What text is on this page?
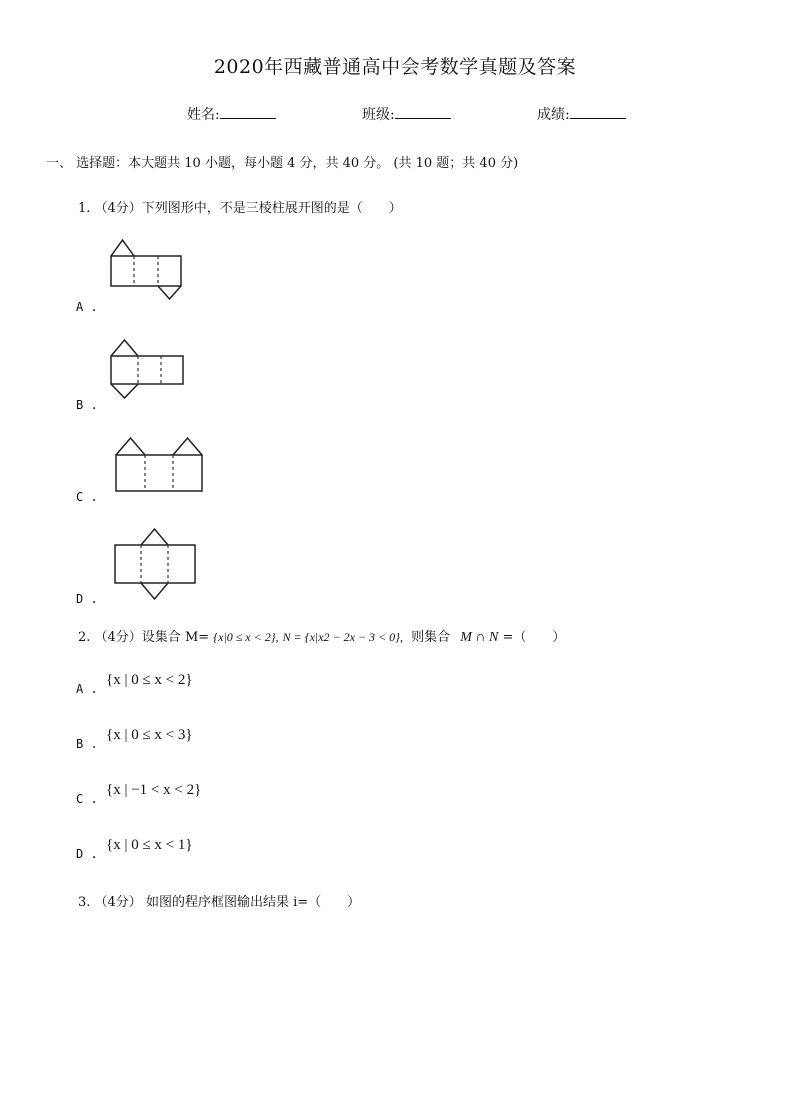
2020年西藏普通高中会考数学真题及答案
姓名:	班级:	成绩:
一、 选择题：本大题共 10 小题，每小题 4 分，共 40 分。 (共 10 题；共 40 分)
1. （4分）下列图形中，不是三棱柱展开图的是（　　）
A .
B .
C .
D .
2. （4分）设集合 M= {x|0 ≤ x < 2}, N = {x|x2 − 2x − 3 < 0}, 则集合 M ∩ N =（　　）
A .
{x | 0 ≤ x < 2}
B .
{x | 0 ≤ x < 3}
C .
{x | −1 < x < 2}
D .
{x | 0 ≤ x < 1}
3. （4分） 如图的程序框图输出结果 i=（　　）
